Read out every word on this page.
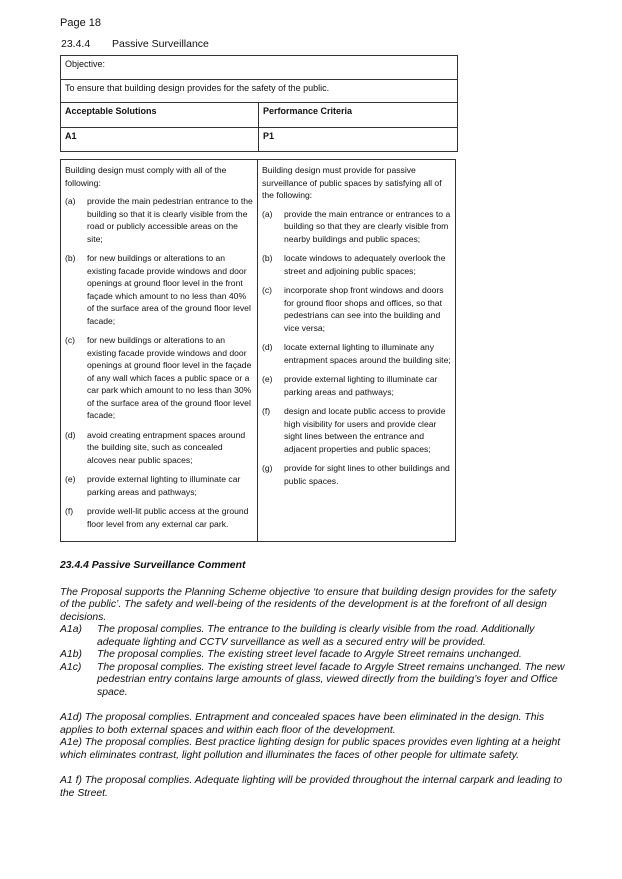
Page 18
23.4.4 Passive Surveillance
Objective:
To ensure that building design provides for the safety of the public.
Acceptable Solutions	Performance Criteria
A1	P1
Building design must comply with all of the following:
(a)	provide the main pedestrian entrance to the building so that it is clearly visible from the road or publicly accessible areas on the site;
(b)	for new buildings or alterations to an existing facade provide windows and door openings at ground floor level in the front façade which amount to no less than 40% of the surface area of the ground floor level facade;
(c)	for new buildings or alterations to an existing facade provide windows and door openings at ground floor level in the façade of any wall which faces a public space or a car park which amount to no less than 30% of the surface area of the ground floor level facade;
(d)	avoid creating entrapment spaces around the building site, such as concealed alcoves near public spaces;
(e)	provide external lighting to illuminate car parking areas and pathways;
(f)	provide well-lit public access at the ground floor level from any external car park.
Building design must provide for passive surveillance of public spaces by satisfying all of the following:
(a)	provide the main entrance or entrances to a building so that they are clearly visible from nearby buildings and public spaces;
(b)	locate windows to adequately overlook the street and adjoining public spaces;
(c)	incorporate shop front windows and doors for ground floor shops and offices, so that pedestrians can see into the building and vice versa;
(d)	locate external lighting to illuminate any entrapment spaces around the building site;
(e)	provide external lighting to illuminate car parking areas and pathways;
(f)	design and locate public access to provide high visibility for users and provide clear sight lines between the entrance and adjacent properties and public spaces;
(g)	provide for sight lines to other buildings and public spaces.
23.4.4 Passive Surveillance Comment

The Proposal supports the Planning Scheme objective ‘to ensure that building design provides for the safety of the public’. The safety and well-being of the residents of the development is at the forefront of all design decisions.

A1a)	The proposal complies. The entrance to the building is clearly visible from the road. Additionally adequate lighting and CCTV surveillance as well as a secured entry will be provided.
A1b)	The proposal complies. The existing street level facade to Argyle Street remains unchanged.
A1c)	The proposal complies. The existing street level facade to Argyle Street remains unchanged. The new pedestrian entry contains large amounts of glass, viewed directly from the building’s foyer and Office space.

A1d) The proposal complies. Entrapment and concealed spaces have been eliminated in the design. This applies to both external spaces and within each floor of the development.

A1e) The proposal complies. Best practice lighting design for public spaces provides even lighting at a height which eliminates contrast, light pollution and illuminates the faces of other people for ultimate safety.

A1 f) The proposal complies. Adequate lighting will be provided throughout the internal carpark and leading to the Street.
